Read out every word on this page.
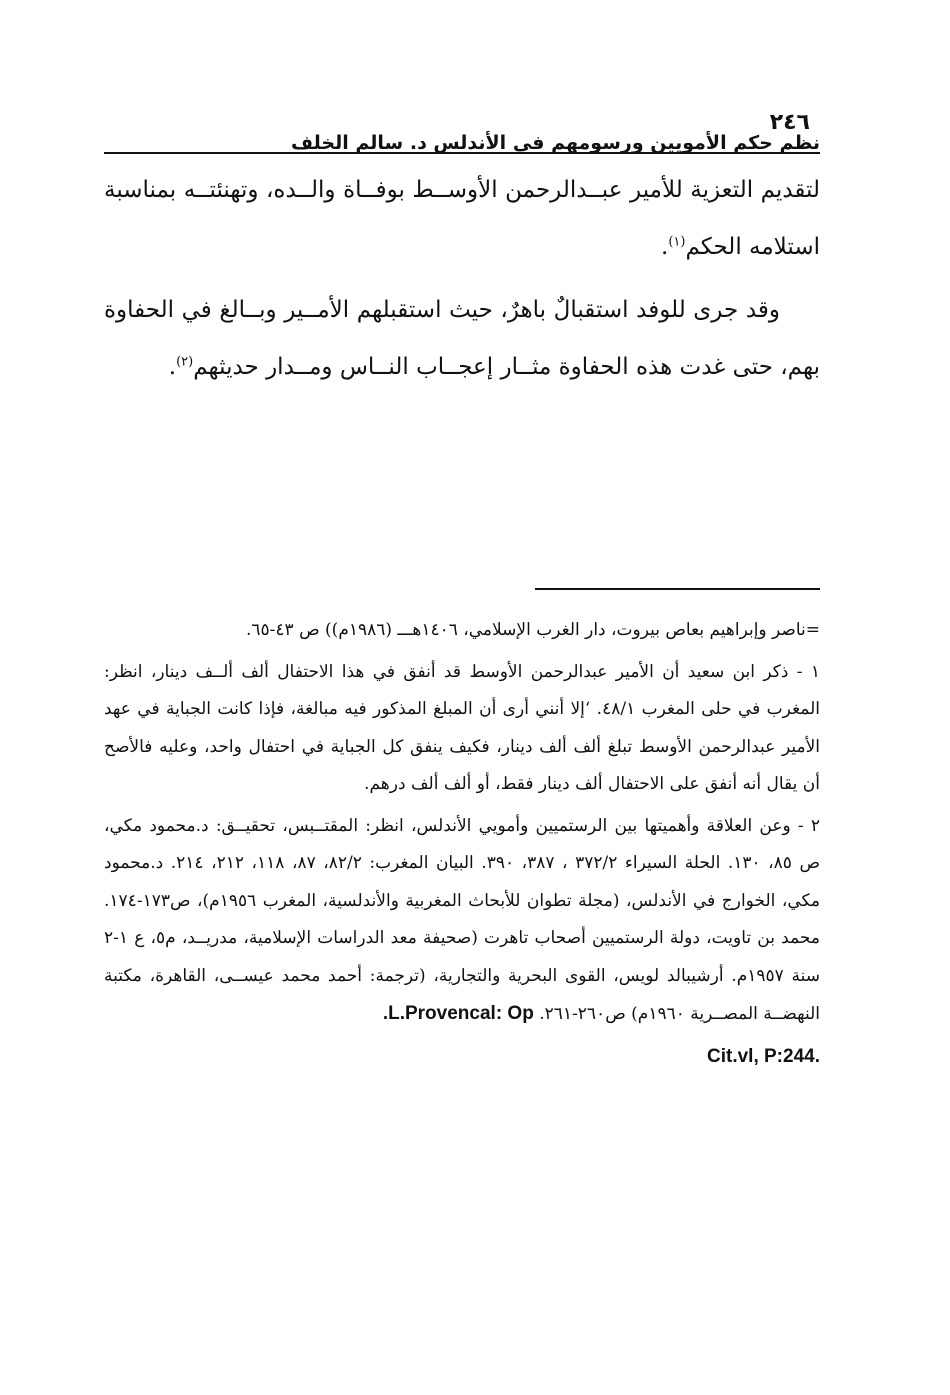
٢٤٦
نظم حكم الأمويين ورسومهم في الأندلس د. سالم الخلف

لتقديم التعزية للأمير عبــدالرحمن الأوســط بوفــاة والــده، وتهنئتــه بمناسبة استلامه الحكم$^{(١)}$.

وقد جرى للوفد استقبالٌ باهرٌ، حيث استقبلهم الأمــير وبــالغ في الحفاوة بهم، حتى غدت هذه الحفاوة مثــار إعجــاب النــاس ومــدار حديثهم$^{(٢)}$.

=ناصر وإبراهيم بعاص بيروت، دار الغرب الإسلامي، ١٤٠٦هـــ (١٩٨٦م)) ص ٤٣-٦٥.

١ - ذكر ابن سعيد أن الأمير عبدالرحمن الأوسط قد أنفق في هذا الاحتفال ألف ألــف دينار، انظر: المغرب في حلى المغرب ٤٨/١. ‘إلا أنني أرى أن المبلغ المذكور فيه مبالغة، فإذا كانت الجباية في عهد الأمير عبدالرحمن الأوسط تبلغ ألف ألف دينار، فكيف ينفق كل الجباية في احتفال واحد، وعليه فالأصح أن يقال أنه أنفق على الاحتفال ألف دينار فقط، أو ألف ألف درهم.

٢ - وعن العلاقة وأهميتها بين الرستميين وأمويي الأندلس، انظر: المقتــبس، تحقيــق: د.محمود مكي، ص ٨٥، ١٣٠. الحلة السيراء ٣٧٢/٢ ، ٣٨٧، ٣٩٠. البيان المغرب: ٨٢/٢، ٨٧، ١١٨، ٢١٢، ٢١٤. د.محمود مكي، الخوارج في الأندلس، (مجلة تطوان للأبحاث المغربية والأندلسية، المغرب ١٩٥٦م)، ص١٧٣-١٧٤. محمد بن تاويت، دولة الرستميين أصحاب تاهرت (صحيفة معد الدراسات الإسلامية، مدريــد، م٥، ع ١-٢ سنة ١٩٥٧م. أرشيبالد لويس، القوى البحرية والتجارية، (ترجمة: أحمد محمد عيســى، القاهرة، مكتبة النهضــة المصــرية ١٩٦٠م) ص٢٦٠-٢٦١. L.Provencal: Op.

Cit.vl, P:244.
